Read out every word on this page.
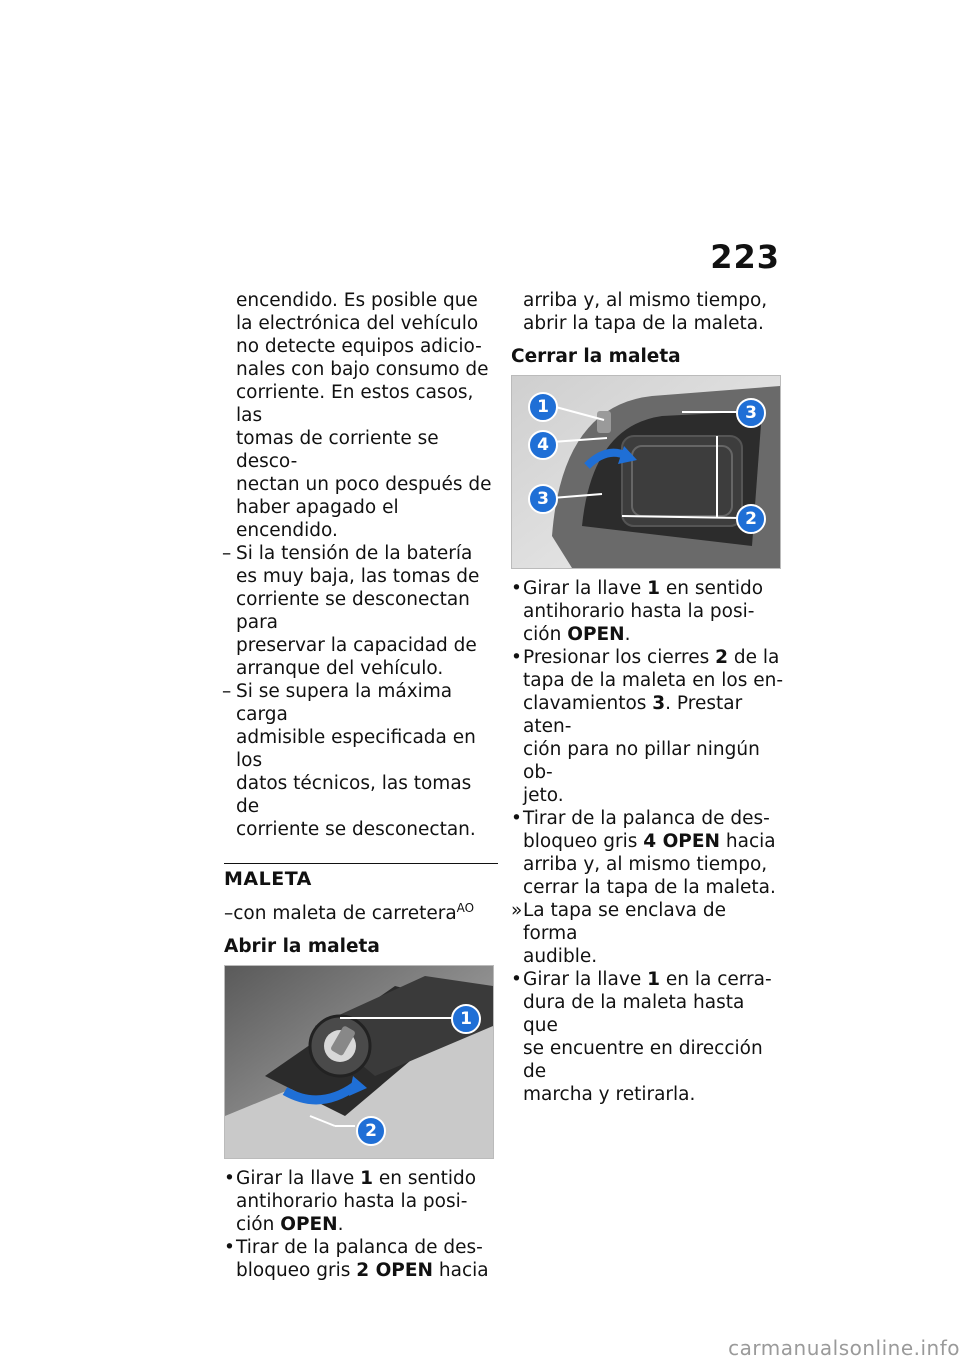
223

encendido. Es posible que

la electrónica del vehículo

no detecte equipos adicio-

nales con bajo consumo de

corriente. En estos casos, las

tomas de corriente se desco-

nectan un poco después de

haber apagado el encendido.

– Si la tensión de la batería

es muy baja, las tomas de

corriente se desconectan para

preservar la capacidad de

arranque del vehículo.

– Si se supera la máxima carga

admisible especificada en los

datos técnicos, las tomas de

corriente se desconectan.

MALETA

–con maleta de carretera$^{AO}$

Abrir la maleta
1
2
• Girar la llave 1 en sentido

antihorario hasta la posi-

ción OPEN.

• Tirar de la palanca de des-

bloqueo gris 2 OPEN hacia

arriba y, al mismo tiempo,

abrir la tapa de la maleta.

Cerrar la maleta
1
4
3
3
2
• Girar la llave 1 en sentido

antihorario hasta la posi-

ción OPEN.

• Presionar los cierres 2 de la

tapa de la maleta en los en-

clavamientos 3. Prestar aten-

ción para no pillar ningún ob-

jeto.

• Tirar de la palanca de des-

bloqueo gris 4 OPEN hacia

arriba y, al mismo tiempo,

cerrar la tapa de la maleta.

» La tapa se enclava de forma

audible.

• Girar la llave 1 en la cerra-

dura de la maleta hasta que

se encuentre en dirección de

marcha y retirarla.

carmanualsonline.info
